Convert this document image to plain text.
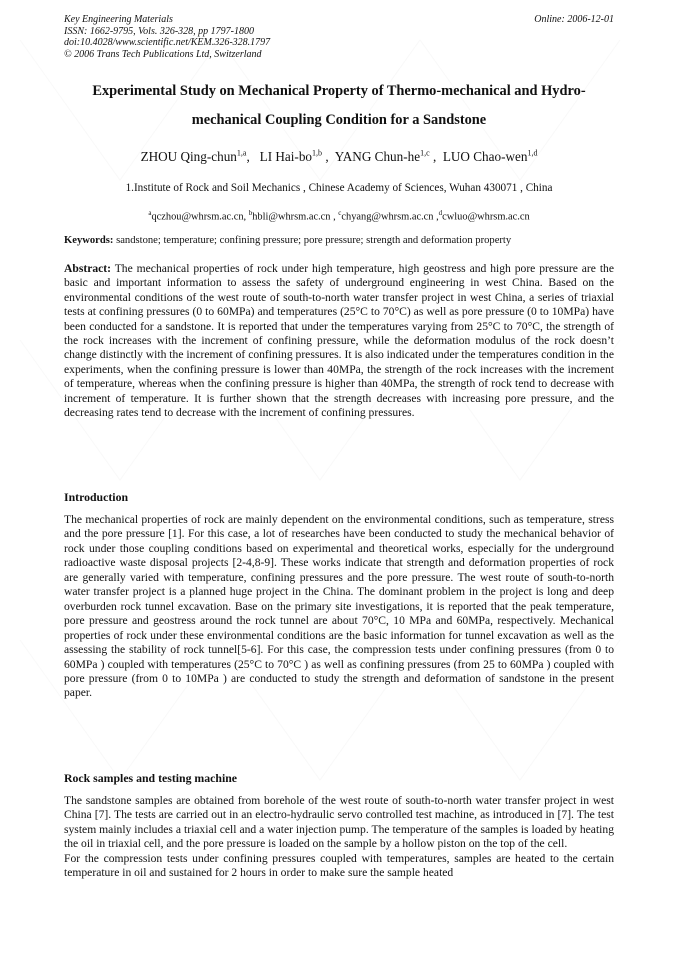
Key Engineering Materials
ISSN: 1662-9795, Vols. 326-328, pp 1797-1800
doi:10.4028/www.scientific.net/KEM.326-328.1797
© 2006 Trans Tech Publications Ltd, Switzerland
Online: 2006-12-01
Experimental Study on Mechanical Property of Thermo-mechanical and Hydro-
mechanical Coupling Condition for a Sandstone
ZHOU Qing-chun$^{1,a}$,   LI Hai-bo$^{1,b}$ ,  YANG Chun-he$^{1,c}$ ,  LUO Chao-wen$^{1,d}$
1.Institute of Rock and Soil Mechanics , Chinese Academy of Sciences, Wuhan 430071 , China
$^a$qczhou@whrsm.ac.cn, $^b$hbli@whrsm.ac.cn , $^c$chyang@whrsm.ac.cn ,$^d$cwluo@whrsm.ac.cn
Keywords: sandstone; temperature; confining pressure; pore pressure; strength and deformation property
Abstract: The mechanical properties of rock under high temperature, high geostress and high pore pressure are the basic and important information to assess the safety of underground engineering in west China. Based on the environmental conditions of the west route of south-to-north water transfer project in west China, a series of triaxial tests at confining pressures (0 to 60MPa) and temperatures (25°C to 70°C) as well as pore pressure (0 to 10MPa) have been conducted for a sandstone. It is reported that under the temperatures varying from 25°C to 70°C, the strength of the rock increases with the increment of confining pressure, while the deformation modulus of the rock doesn’t change distinctly with the increment of confining pressures. It is also indicated under the temperatures condition in the experiments, when the confining pressure is lower than 40MPa, the strength of the rock increases with the increment of temperature, whereas when the confining pressure is higher than 40MPa, the strength of rock tend to decrease with increment of temperature. It is further shown that the strength decreases with increasing pore pressure, and the decreasing rates tend to decrease with the increment of confining pressures.
Introduction

The mechanical properties of rock are mainly dependent on the environmental conditions, such as temperature, stress and the pore pressure [1]. For this case, a lot of researches have been conducted to study the mechanical behavior of rock under those coupling conditions based on experimental and theoretical works, especially for the underground radioactive waste disposal projects [2-4,8-9]. These works indicate that strength and deformation properties of rock are generally varied with temperature, confining pressures and the pore pressure. The west route of south-to-north water transfer project is a planned huge project in the China. The dominant problem in the project is long and deep overburden rock tunnel excavation. Base on the primary site investigations, it is reported that the peak temperature, pore pressure and geostress around the rock tunnel are about 70°C, 10 MPa and 60MPa, respectively. Mechanical properties of rock under these environmental conditions are the basic information for tunnel excavation as well as the assessing the stability of rock tunnel[5-6]. For this case, the compression tests under confining pressures (from 0 to 60MPa ) coupled with temperatures (25°C to 70°C ) as well as confining pressures (from 25 to 60MPa ) coupled with pore pressure (from 0 to 10MPa ) are conducted to study the strength and deformation of sandstone in the present paper.

Rock samples and testing machine

The sandstone samples are obtained from borehole of the west route of south-to-north water transfer project in west China [7]. The tests are carried out in an electro-hydraulic servo controlled test machine, as introduced in [7]. The test system mainly includes a triaxial cell and a water injection pump. The temperature of the samples is loaded by heating the oil in triaxial cell, and the pore pressure is loaded on the sample by a hollow piston on the top of the cell.

For the compression tests under confining pressures coupled with temperatures, samples are heated to the certain temperature in oil and sustained for 2 hours in order to make sure the sample heated
